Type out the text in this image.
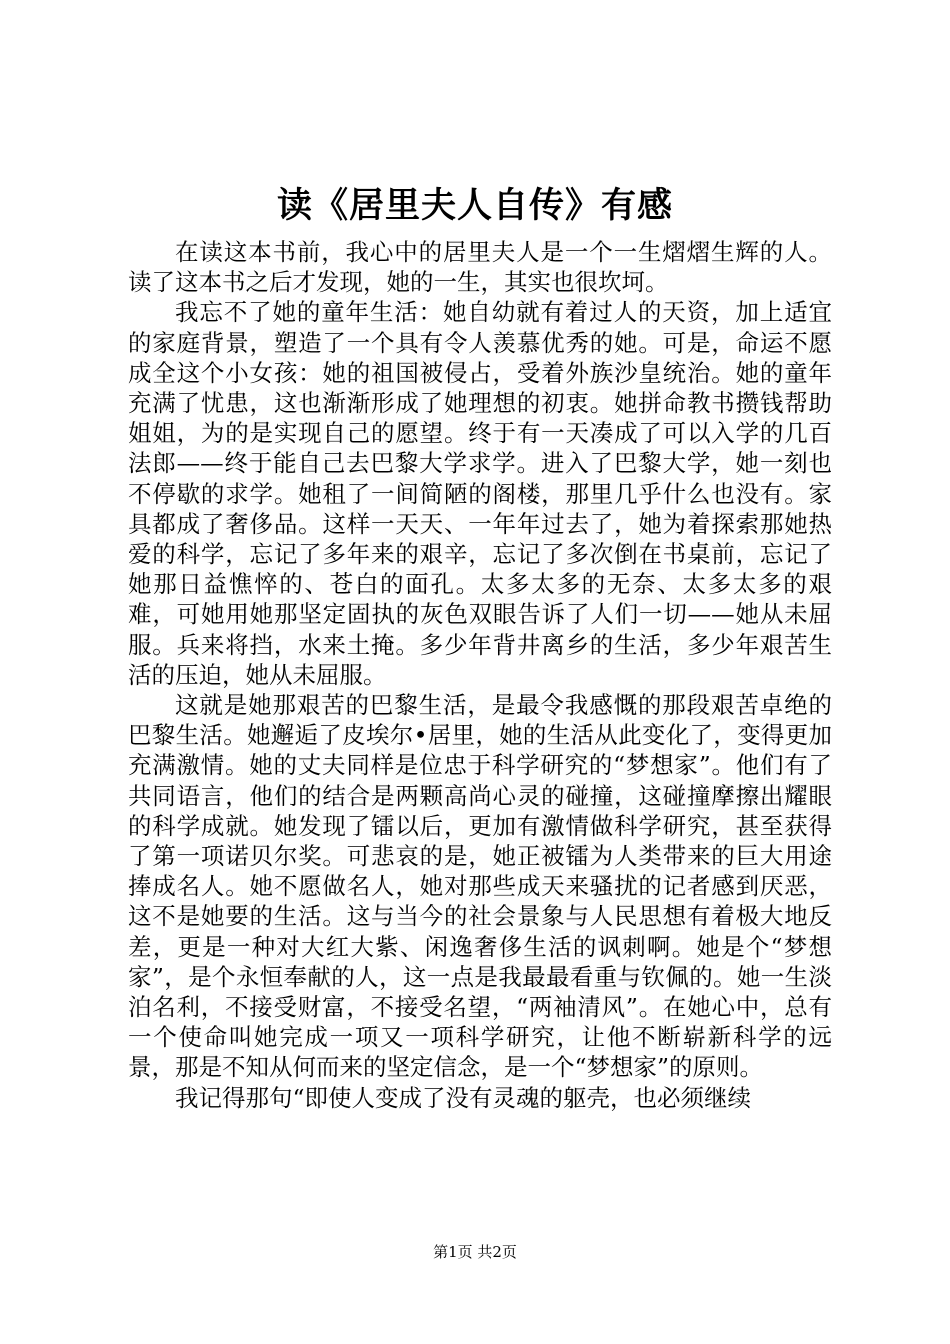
读《居里夫人自传》有感

在读这本书前，我心中的居里夫人是一个一生熠熠生辉的人。读了这本书之后才发现，她的一生，其实也很坎坷。

我忘不了她的童年生活：她自幼就有着过人的天资，加上适宜的家庭背景，塑造了一个具有令人羡慕优秀的她。可是，命运不愿成全这个小女孩：她的祖国被侵占，受着外族沙皇统治。她的童年充满了忧患，这也渐渐形成了她理想的初衷。她拼命教书攒钱帮助姐姐，为的是实现自己的愿望。终于有一天凑成了可以入学的几百法郎——终于能自己去巴黎大学求学。进入了巴黎大学，她一刻也不停歇的求学。她租了一间简陋的阁楼，那里几乎什么也没有。家具都成了奢侈品。这样一天天、一年年过去了，她为着探索那她热爱的科学，忘记了多年来的艰辛，忘记了多次倒在书桌前，忘记了她那日益憔悴的、苍白的面孔。太多太多的无奈、太多太多的艰难，可她用她那坚定固执的灰色双眼告诉了人们一切——她从未屈服。兵来将挡，水来土掩。多少年背井离乡的生活，多少年艰苦生活的压迫，她从未屈服。

这就是她那艰苦的巴黎生活，是最令我感慨的那段艰苦卓绝的巴黎生活。她邂逅了皮埃尔•居里，她的生活从此变化了，变得更加充满激情。她的丈夫同样是位忠于科学研究的“梦想家”。他们有了共同语言，他们的结合是两颗高尚心灵的碰撞，这碰撞摩擦出耀眼的科学成就。她发现了镭以后，更加有激情做科学研究，甚至获得了第一项诺贝尔奖。可悲哀的是，她正被镭为人类带来的巨大用途捧成名人。她不愿做名人，她对那些成天来骚扰的记者感到厌恶，这不是她要的生活。这与当今的社会景象与人民思想有着极大地反差，更是一种对大红大紫、闲逸奢侈生活的讽刺啊。她是个“梦想家”，是个永恒奉献的人，这一点是我最最看重与钦佩的。她一生淡泊名利，不接受财富，不接受名望，“两袖清风”。在她心中，总有一个使命叫她完成一项又一项科学研究，让他不断崭新科学的远景，那是不知从何而来的坚定信念，是一个“梦想家”的原则。

我记得那句“即使人变成了没有灵魂的躯壳，也必须继续

第1页 共2页
